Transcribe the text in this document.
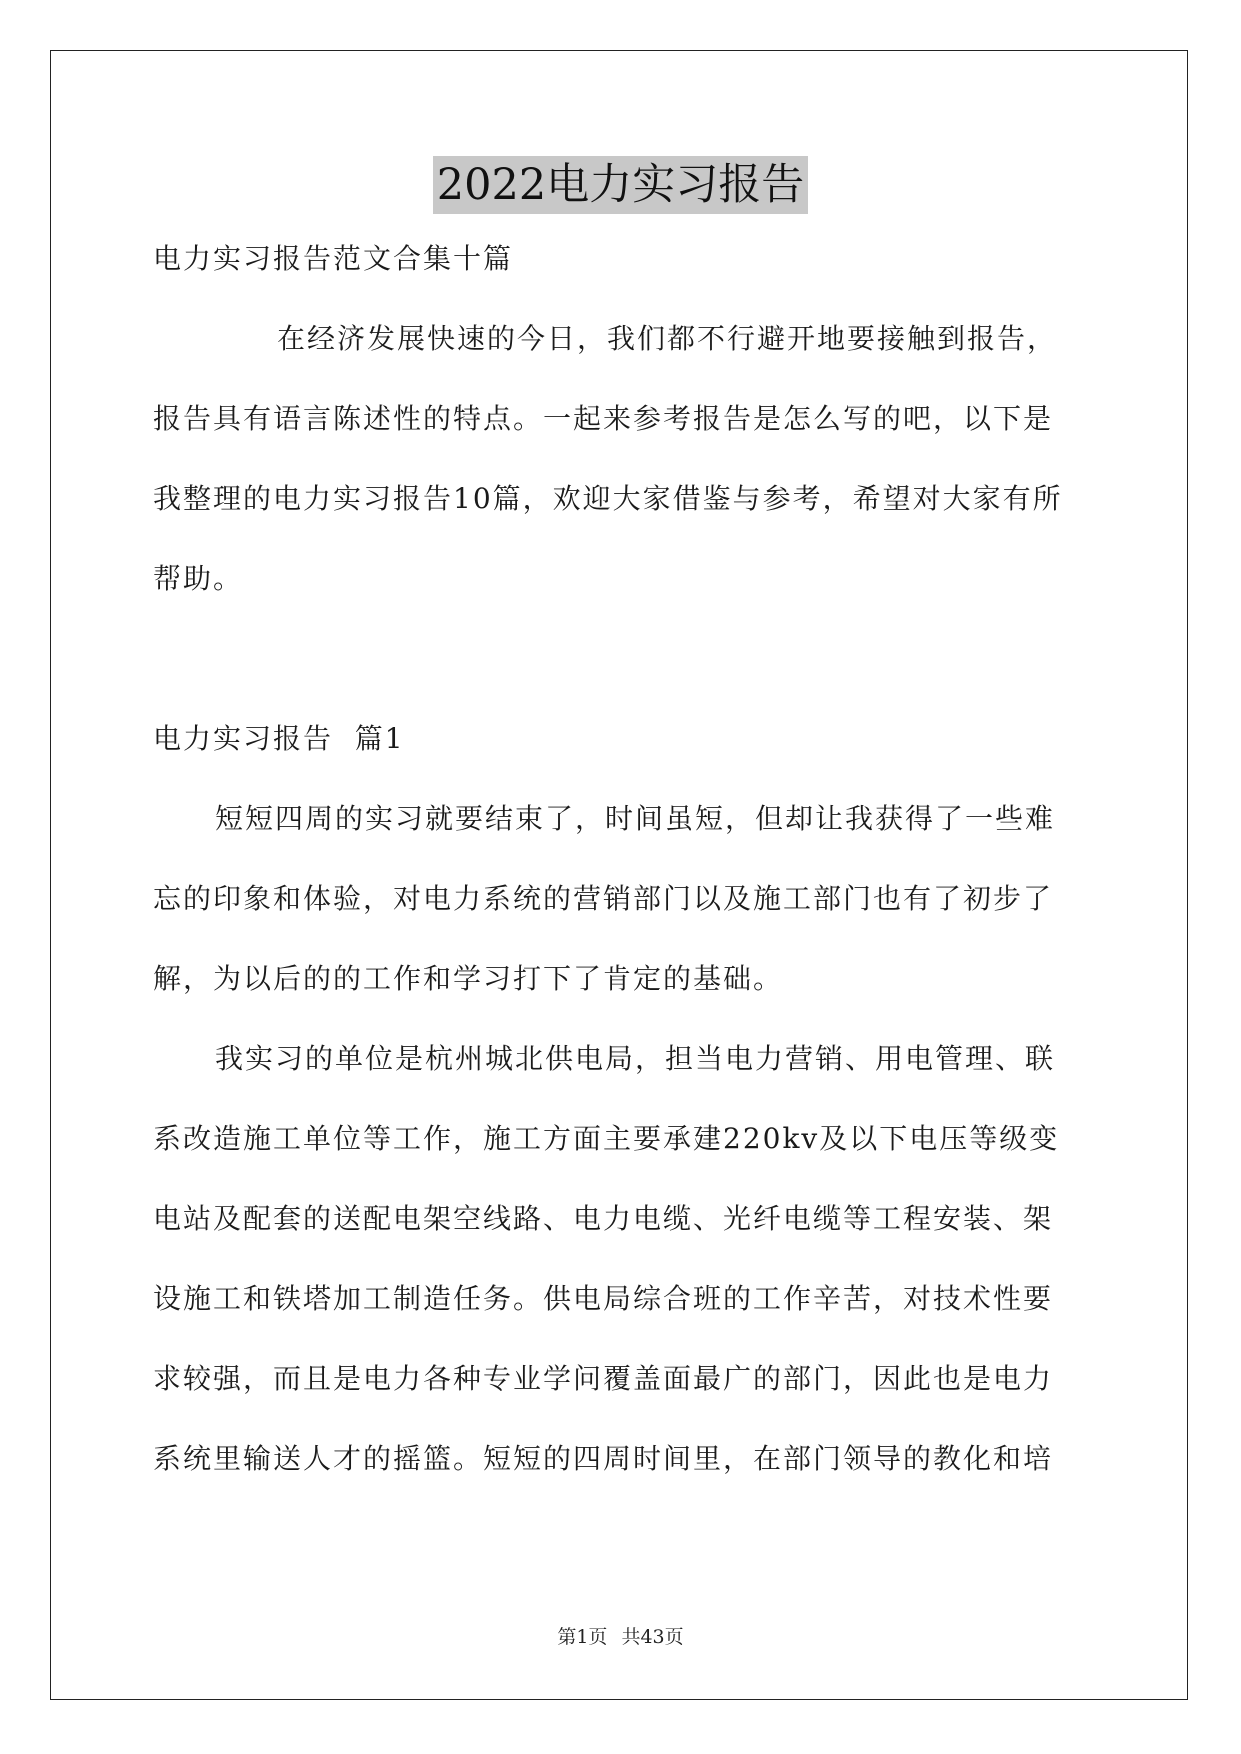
2022电力实习报告
电力实习报告范文合集十篇
在经济发展快速的今日，我们都不行避开地要接触到报告，
报告具有语言陈述性的特点。一起来参考报告是怎么写的吧，以下是
我整理的电力实习报告10篇，欢迎大家借鉴与参考，希望对大家有所
帮助。
电力实习报告  篇1
短短四周的实习就要结束了，时间虽短，但却让我获得了一些难
忘的印象和体验，对电力系统的营销部门以及施工部门也有了初步了
解，为以后的的工作和学习打下了肯定的基础。
我实习的单位是杭州城北供电局，担当电力营销、用电管理、联
系改造施工单位等工作，施工方面主要承建220kv及以下电压等级变
电站及配套的送配电架空线路、电力电缆、光纤电缆等工程安装、架
设施工和铁塔加工制造任务。供电局综合班的工作辛苦，对技术性要
求较强，而且是电力各种专业学问覆盖面最广的部门，因此也是电力
系统里输送人才的摇篮。短短的四周时间里，在部门领导的教化和培
第1页 共43页
